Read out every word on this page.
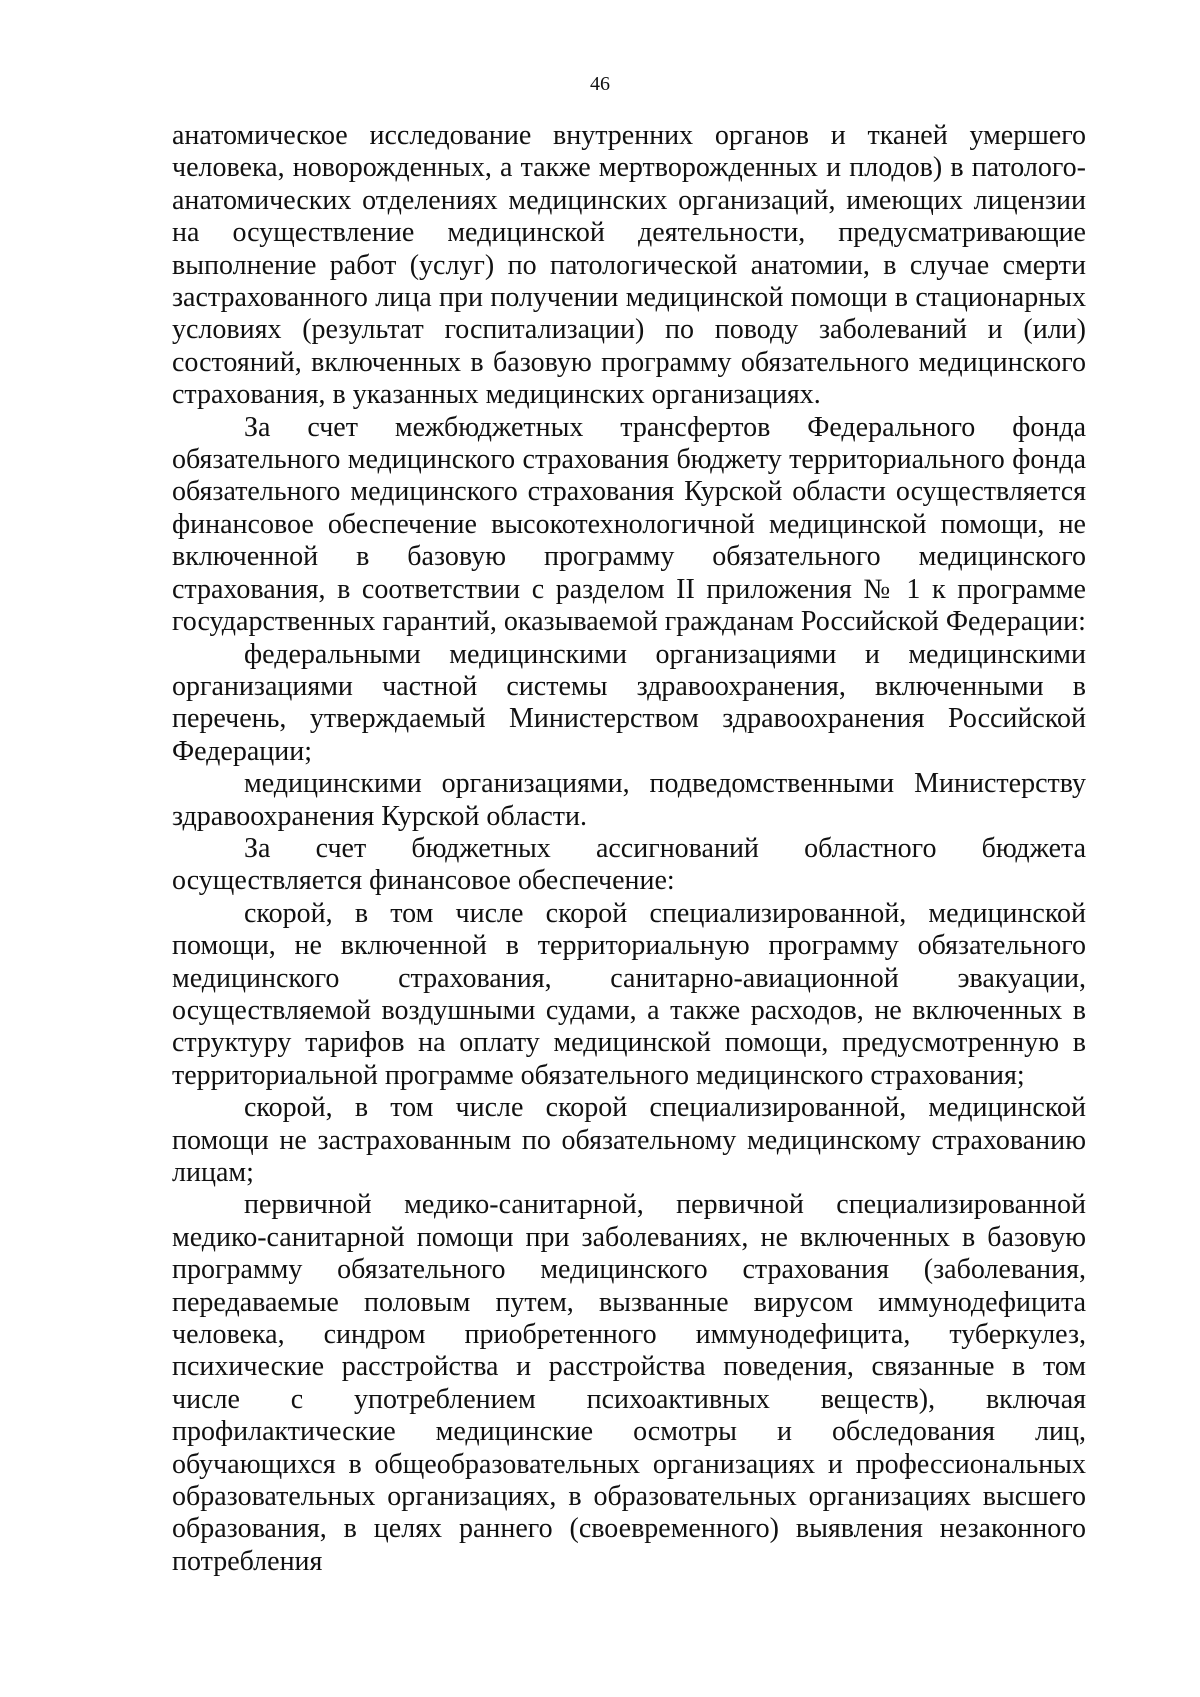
46

анатомическое исследование внутренних органов и тканей умершего человека, новорожденных, а также мертворожденных и плодов) в патолого-анатомических отделениях медицинских организаций, имеющих лицензии на осуществление медицинской деятельности, предусматривающие выполнение работ (услуг) по патологической анатомии, в случае смерти застрахованного лица при получении медицинской помощи в стационарных условиях (результат госпитализации) по поводу заболеваний и (или) состояний, включенных в базовую программу обязательного медицинского страхования, в указанных медицинских организациях.

За счет межбюджетных трансфертов Федерального фонда обязательного медицинского страхования бюджету территориального фонда обязательного медицинского страхования Курской области осуществляется финансовое обеспечение высокотехнологичной медицинской помощи, не включенной в базовую программу обязательного медицинского страхования, в соответствии с разделом II приложения № 1 к программе государственных гарантий, оказываемой гражданам Российской Федерации:

федеральными медицинскими организациями и медицинскими организациями частной системы здравоохранения, включенными в перечень, утверждаемый Министерством здравоохранения Российской Федерации;

медицинскими организациями, подведомственными Министерству здравоохранения Курской области.

За счет бюджетных ассигнований областного бюджета осуществляется финансовое обеспечение:

скорой, в том числе скорой специализированной, медицинской помощи, не включенной в территориальную программу обязательного медицинского страхования, санитарно-авиационной эвакуации, осуществляемой воздушными судами, а также расходов, не включенных в структуру тарифов на оплату медицинской помощи, предусмотренную в территориальной программе обязательного медицинского страхования;

скорой, в том числе скорой специализированной, медицинской помощи не застрахованным по обязательному медицинскому страхованию лицам;

первичной медико-санитарной, первичной специализированной медико-санитарной помощи при заболеваниях, не включенных в базовую программу обязательного медицинского страхования (заболевания, передаваемые половым путем, вызванные вирусом иммунодефицита человека, синдром приобретенного иммунодефицита, туберкулез, психические расстройства и расстройства поведения, связанные в том числе с употреблением психоактивных веществ), включая профилактические медицинские осмотры и обследования лиц, обучающихся в общеобразовательных организациях и профессиональных образовательных организациях, в образовательных организациях высшего образования, в целях раннего (своевременного) выявления незаконного потребления
